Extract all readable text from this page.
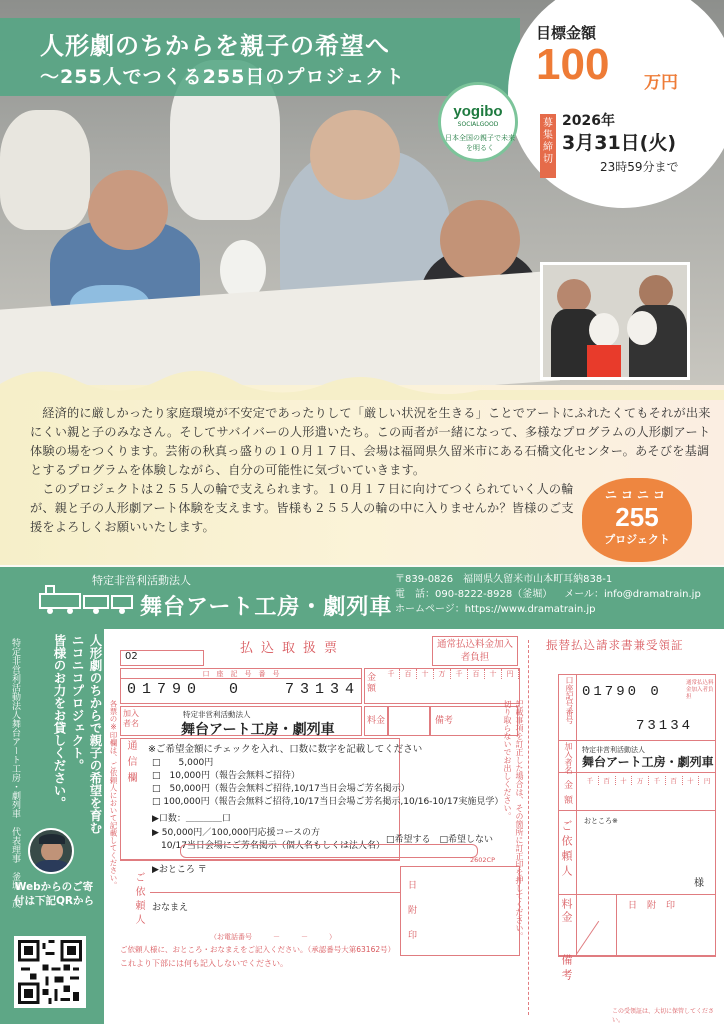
人形劇のちからを親子の希望へ
～255人でつくる255日のプロジェクト
目標金額
100 万円
募集締切
2026年
3月31日(火)
23時59分まで
yogibo
SOCIALGOOD
日本全国の親子で未来を明るく

経済的に厳しかったり家庭環境が不安定であったりして「厳しい状況を生きる」ことでアートにふれたくてもそれが出来にくい親と子のみなさん。そしてサバイバーの人形遣いたち。この両者が一緒になって、多様なプログラムの人形劇アート体験の場をつくります。芸術の秋真っ盛りの１０月１７日、会場は福岡県久留米市にある石橋文化センター。あそびを基調とするプログラムを体験しながら、自分の可能性に気づいていきます。

このプロジェクトは２５５人の輪で支えられます。１０月１７日に向けてつくられていく人の輪が、親と子の人形劇アート体験を支えます。皆様も２５５人の輪の中に入りませんか？皆様のご支援をよろしくお願いいたします。

ニコニコ
255
プロジェクト
特定非営利活動法人
舞台アート工房・劇列車
〒839-0826　福岡県久留米市山本町耳納838-1
電　話：090-8222-8928（釜堀） メール：info@dramatrain.jp
ホームページ：https://www.dramatrain.jp
人形劇のちからで親子の希望を育む
ニコニコプロジェクト。
皆様のお力をお貸しください。
特定非営利活動法人舞台アート工房・劇列車　代表理事　釜堀　茂
Webからのご寄付は下記QRから
各票の※印欄は、ご依頼人において記載してください。
払込取扱票	通常払込料金加入者負担
02
口　座　記　号　番　号
01790 0	73134
金額
千	百	十	万	千	百	十	円
加入者名
特定非営利活動法人
舞台アート工房・劇列車
料金	備考
通信欄 ※ご希望金額にチェックを入れ、口数に数字を記載してください
□　　5,000円
□　10,000円（報告会無料ご招待）
□　50,000円（報告会無料ご招待,10/17当日会場ご芳名掲示）
□ 100,000円（報告会無料ご招待,10/17当日会場ご芳名掲示,10/16-10/17実施見学）
▶口数：＿＿＿＿口
▶ 50,000円／100,000円応援コースの方
　10/17当日会場にご芳名掲示（個人名もしくは法人名）
□希望する　□希望しない
2602CP
ご依頼人
▶おところ 〒
おなまえ
（お電話番号　　　－　　　－　　　）
ご依頼人様に、おところ・おなまえをご記入ください。（承認番号大第63162号）
これより下部には何も記入しないでください。
日附印	記載事項を訂正した場合は、その箇所に訂正印を押してください。
切り取らないでお出しください。
振替払込請求書兼受領証
口座記号番号 01790 0
通常払込料金加入者負担
73134
加入者名 特定非営利活動法人
舞台アート工房・劇列車
金額	千	百	十	万	千	百	十	円
ご依頼人 おところ※
様
料金	日附印
備考
この受領証は、大切に保管してください。
